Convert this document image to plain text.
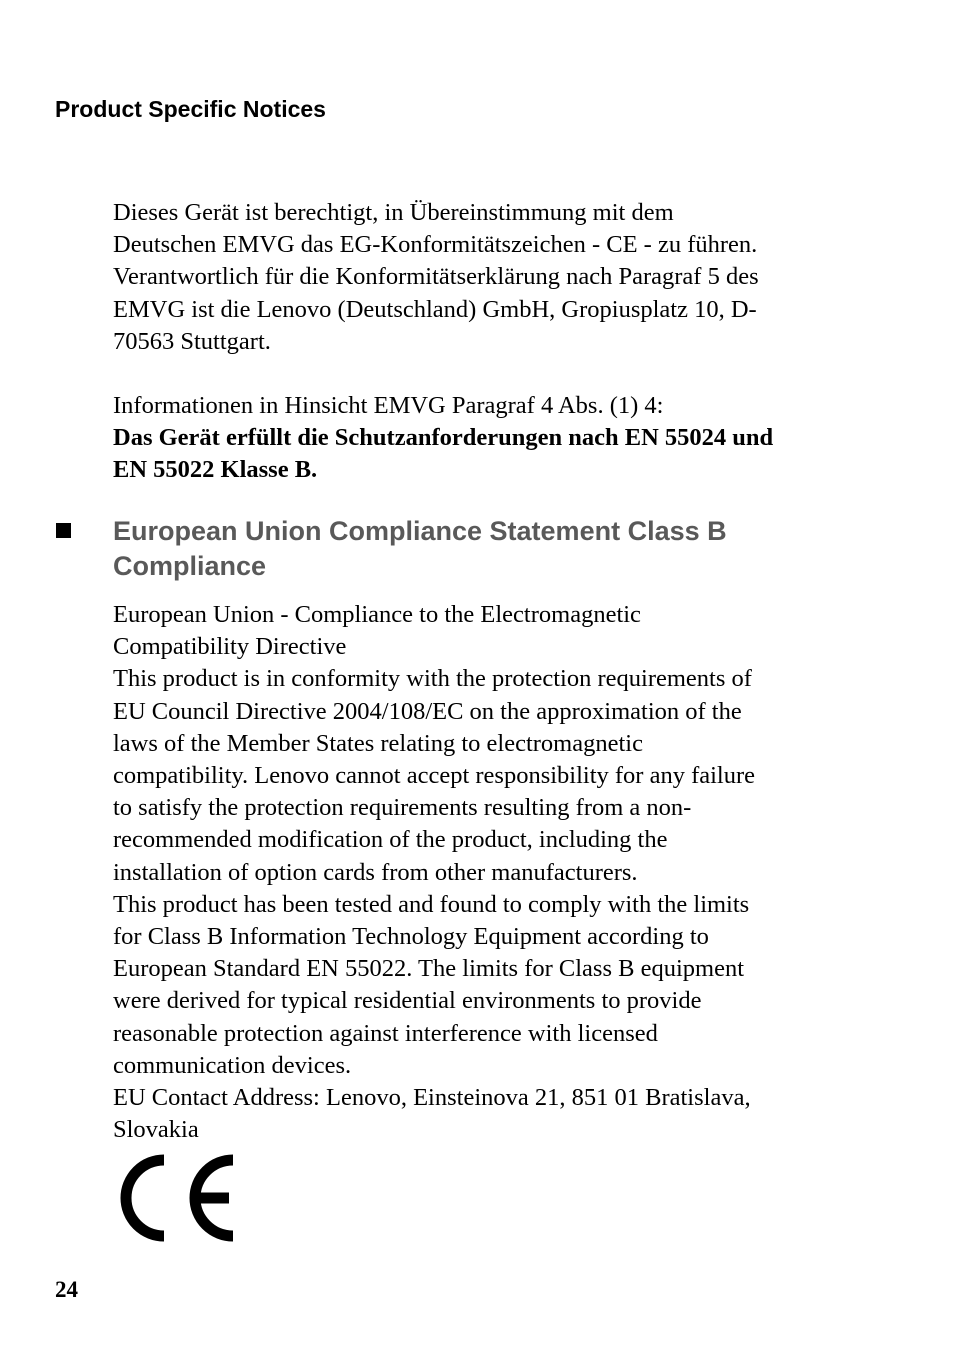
Product Specific Notices

Dieses Gerät ist berechtigt, in Übereinstimmung mit dem
Deutschen EMVG das EG-Konformitätszeichen - CE - zu führen.
Verantwortlich für die Konformitätserklärung nach Paragraf 5 des
EMVG ist die Lenovo (Deutschland) GmbH, Gropiusplatz 10, D-
70563 Stuttgart.

Informationen in Hinsicht EMVG Paragraf 4 Abs. (1) 4:

Das Gerät erfüllt die Schutzanforderungen nach EN 55024 und
EN 55022 Klasse B.

European Union Compliance Statement Class B
Compliance

European Union - Compliance to the Electromagnetic
Compatibility Directive
This product is in conformity with the protection requirements of
EU Council Directive 2004/108/EC on the approximation of the
laws of the Member States relating to electromagnetic
compatibility. Lenovo cannot accept responsibility for any failure
to satisfy the protection requirements resulting from a non-
recommended modification of the product, including the
installation of option cards from other manufacturers.
This product has been tested and found to comply with the limits
for Class B Information Technology Equipment according to
European Standard EN 55022. The limits for Class B equipment
were derived for typical residential environments to provide
reasonable protection against interference with licensed
communication devices.
EU Contact Address: Lenovo, Einsteinova 21, 851 01 Bratislava,
Slovakia

24
